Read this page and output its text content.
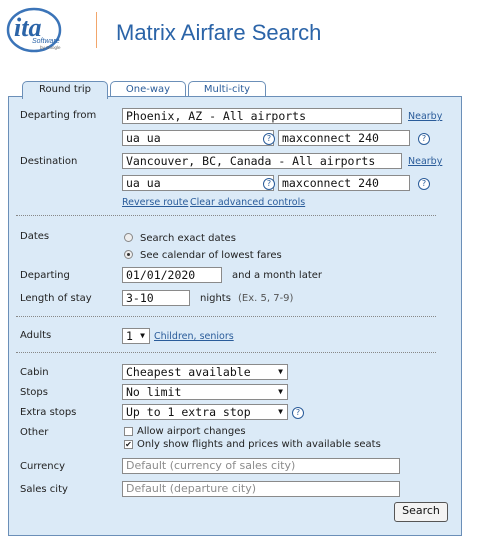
ita
Software
by Google
Matrix Airfare Search
Round trip	One-way	Multi-city
Departing from	Phoenix, AZ - All airports	Nearby
ua ua	? maxconnect 240	?
Destination	Vancouver, BC, Canada - All airports	Nearby
ua ua	? maxconnect 240	?
Reverse route Clear advanced controls
Dates	Search exact dates
See calendar of lowest fares
Departing	01/01/2020	and a month later
Length of stay	3-10	nights (Ex. 5, 7-9)
Adults	1 ▼ Children, seniors
Cabin	Cheapest available	▼
Stops	No limit	▼
Extra stops	Up to 1 extra stop	▼	?
Other	Allow airport changes
✔ Only show flights and prices with available seats
Currency	Default (currency of sales city)
Sales city	Default (departure city)
Search
